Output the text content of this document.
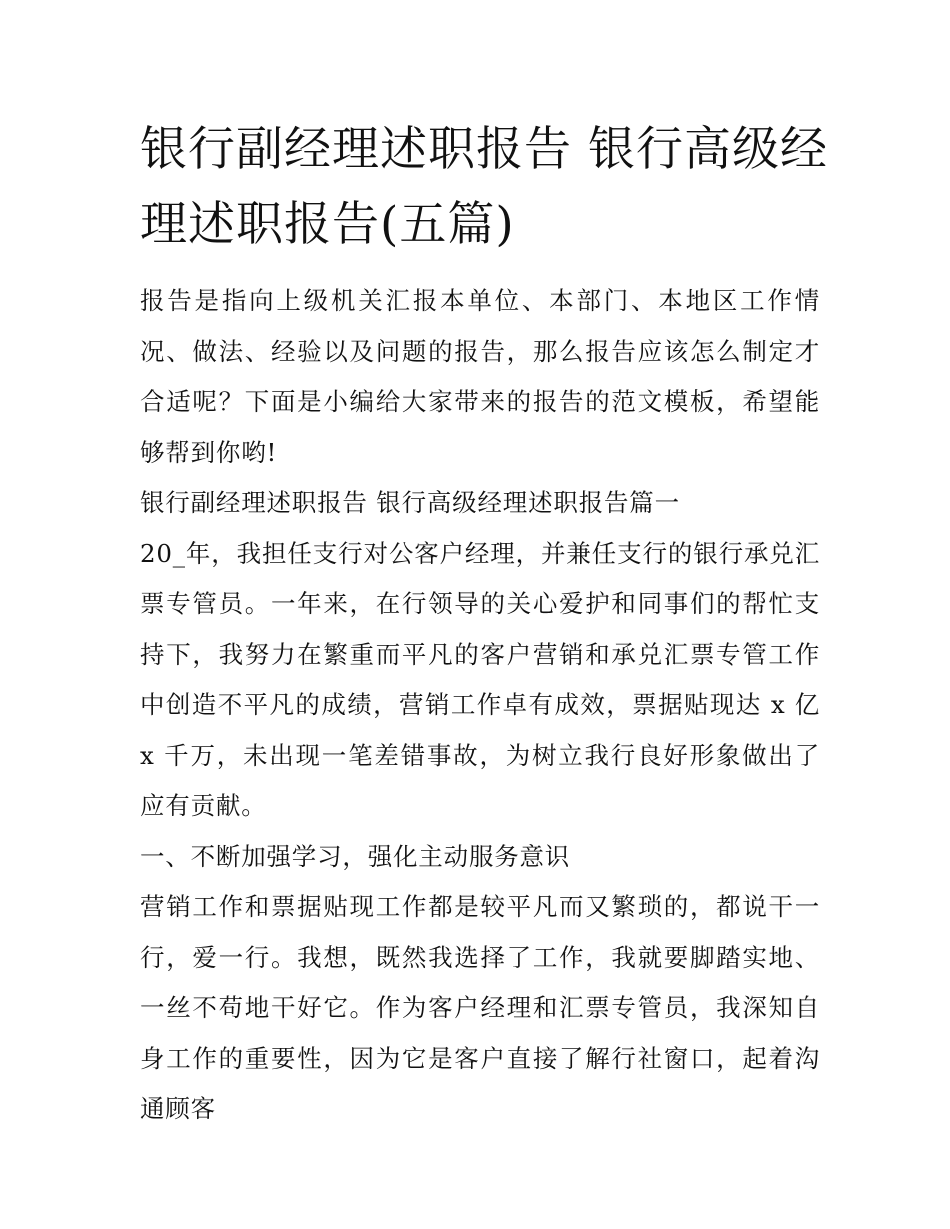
银行副经理述职报告 银行高级经理述职报告(五篇)

报告是指向上级机关汇报本单位、本部门、本地区工作情况、做法、经验以及问题的报告，那么报告应该怎么制定才合适呢？下面是小编给大家带来的报告的范文模板，希望能够帮到你哟!

银行副经理述职报告 银行高级经理述职报告篇一

20_年，我担任支行对公客户经理，并兼任支行的银行承兑汇票专管员。一年来，在行领导的关心爱护和同事们的帮忙支持下，我努力在繁重而平凡的客户营销和承兑汇票专管工作中创造不平凡的成绩，营销工作卓有成效，票据贴现达 x 亿 x 千万，未出现一笔差错事故，为树立我行良好形象做出了应有贡献。

一、不断加强学习，强化主动服务意识

营销工作和票据贴现工作都是较平凡而又繁琐的，都说干一行，爱一行。我想，既然我选择了工作，我就要脚踏实地、一丝不苟地干好它。作为客户经理和汇票专管员，我深知自身工作的重要性，因为它是客户直接了解行社窗口，起着沟通顾客
